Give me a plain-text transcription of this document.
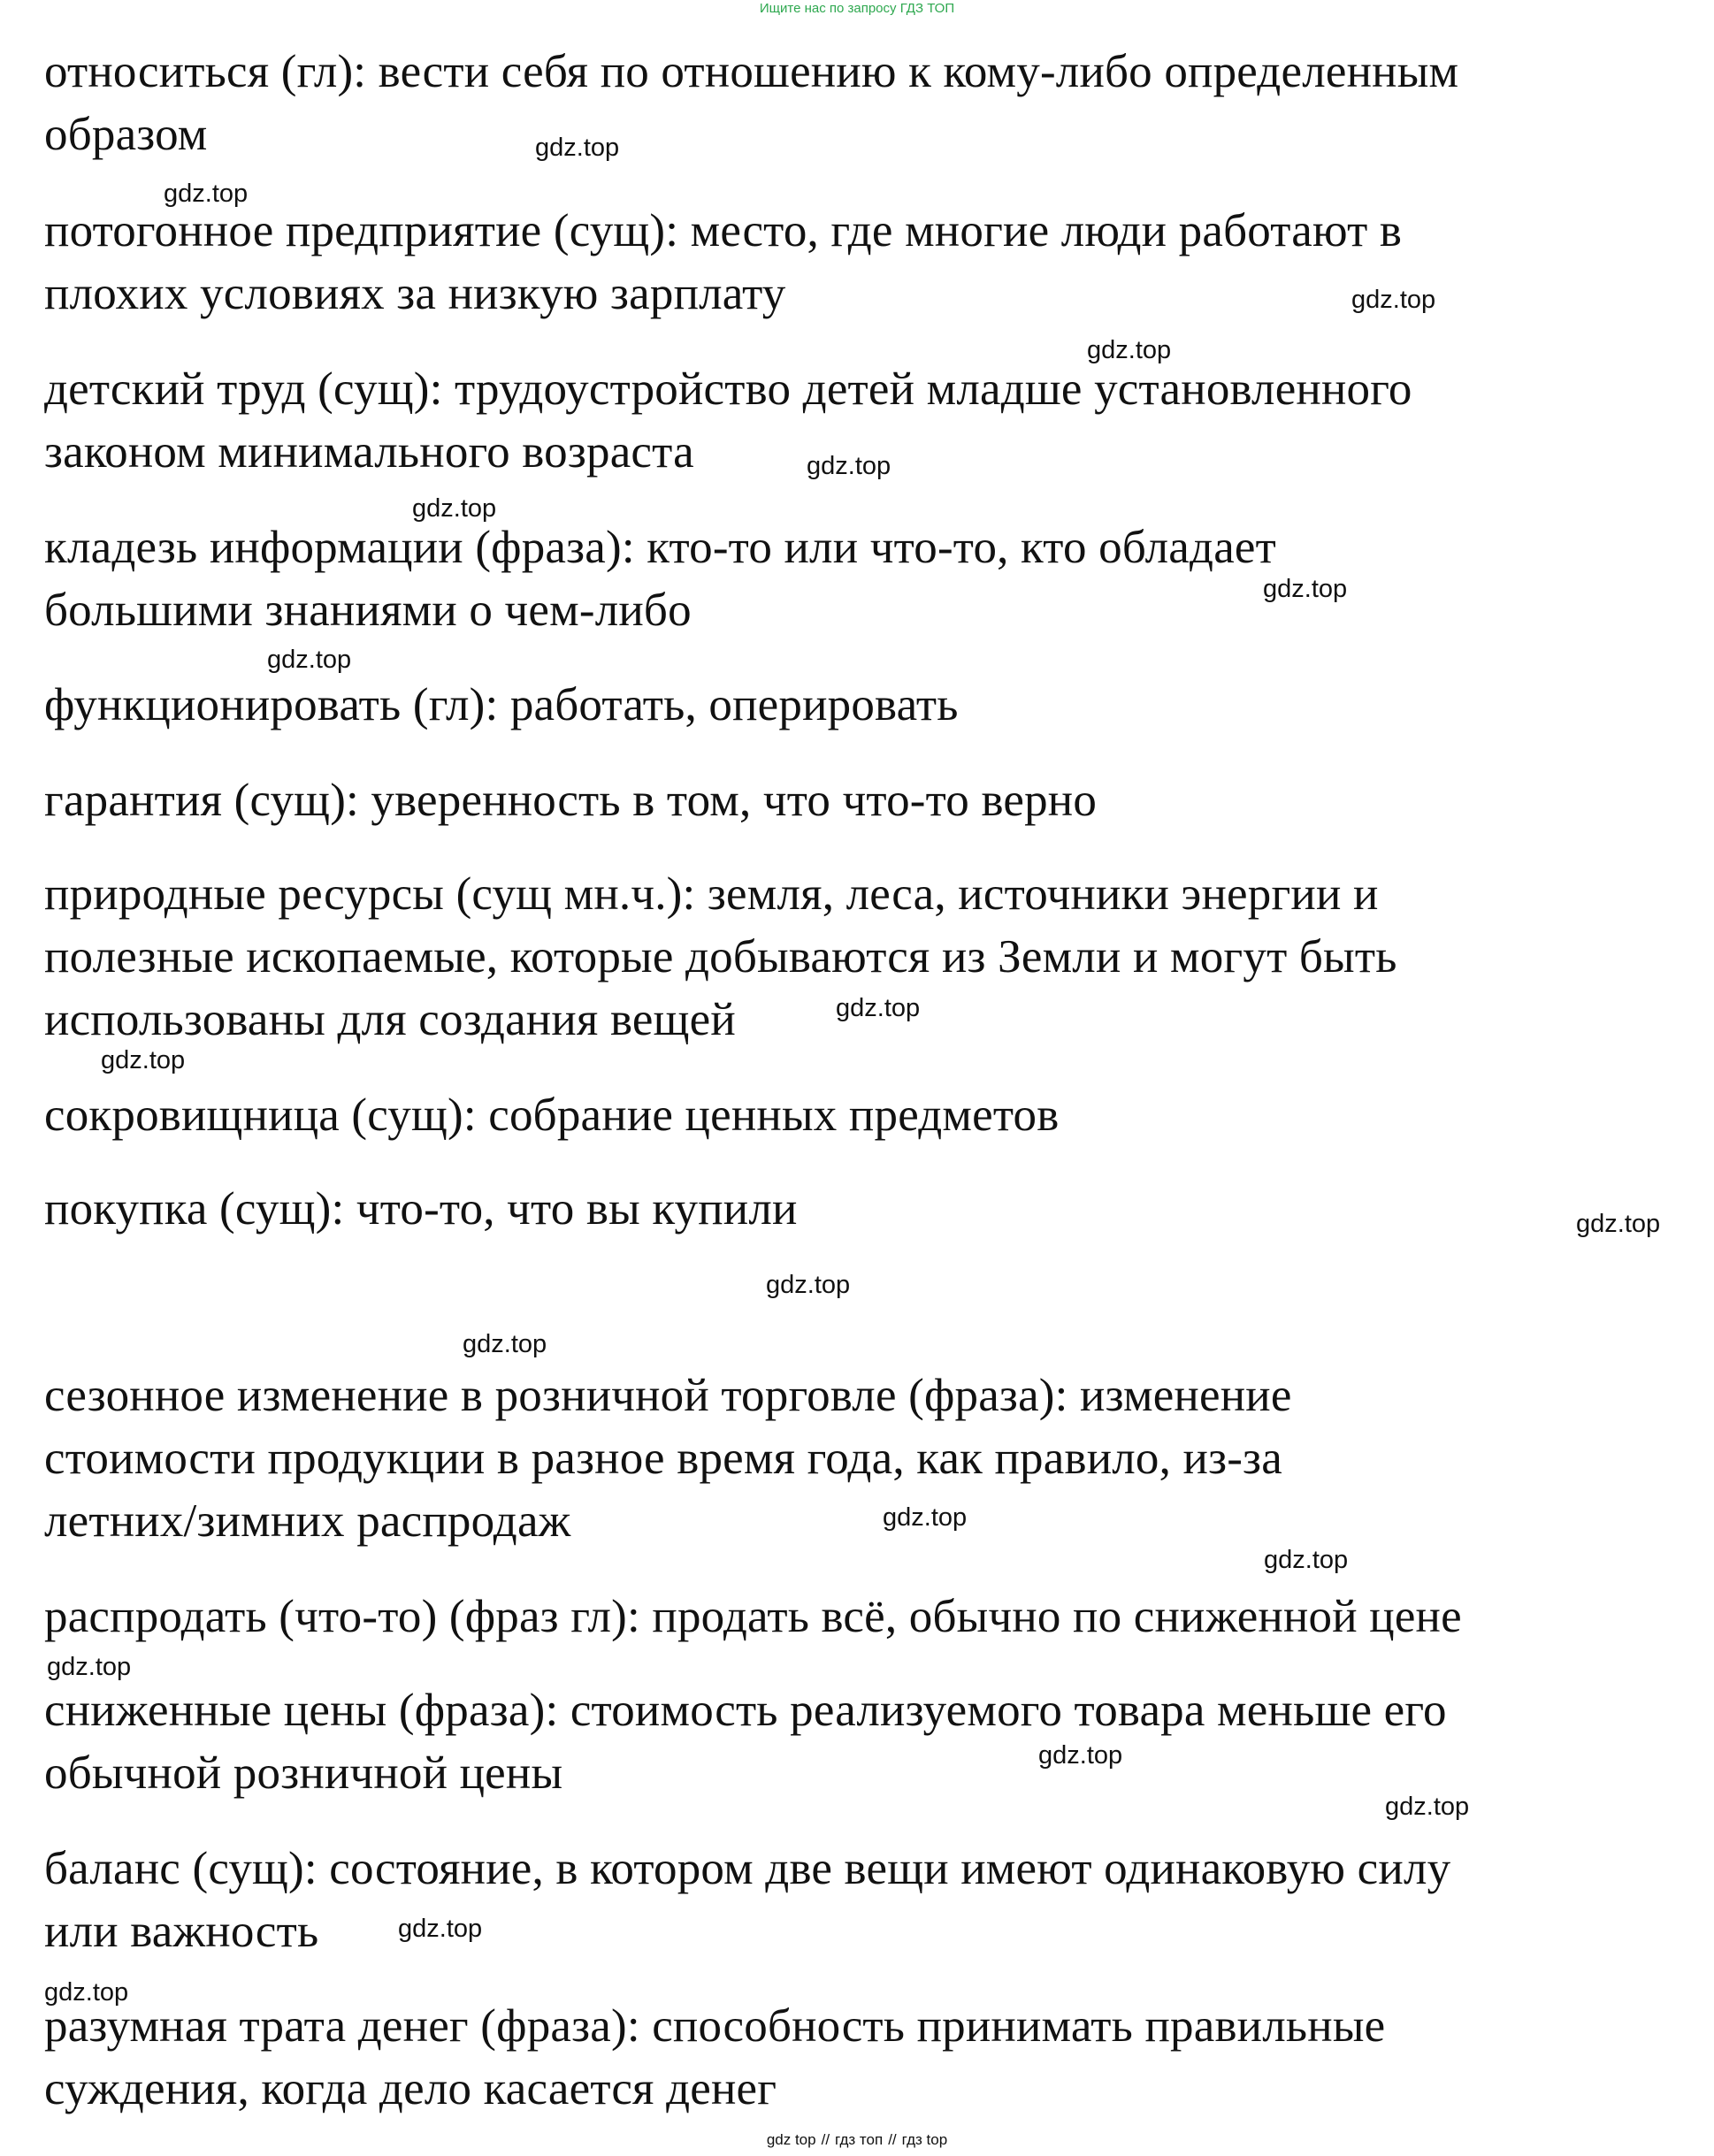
Ищите нас по запросу ГДЗ ТОП

относиться (гл): вести себя по отношению к кому-либо определенным
образом

потогонное предприятие (сущ): место, где многие люди работают в
плохих условиях за низкую зарплату

детский труд (сущ): трудоустройство детей младше установленного
законом минимального возраста

кладезь информации (фраза): кто-то или что-то, кто обладает
большими знаниями о чем-либо

функционировать (гл): работать, оперировать

гарантия (сущ): уверенность в том, что что-то верно

природные ресурсы (сущ мн.ч.): земля, леса, источники энергии и
полезные ископаемые, которые добываются из Земли и могут быть
использованы для создания вещей

сокровищница (сущ): собрание ценных предметов

покупка (сущ): что-то, что вы купили

сезонное изменение в розничной торговле (фраза): изменение
стоимости продукции в разное время года, как правило, из-за
летних/зимних распродаж

распродать (что-то) (фраз гл): продать всё, обычно по сниженной цене

сниженные цены (фраза): стоимость реализуемого товара меньше его
обычной розничной цены

баланс (сущ): состояние, в котором две вещи имеют одинаковую силу
или важность

разумная трата денег (фраза): способность принимать правильные
суждения, когда дело касается денег

gdz.top
gdz.top
gdz.top
gdz.top
gdz.top
gdz.top
gdz.top
gdz.top
gdz.top
gdz.top
gdz.top
gdz.top
gdz.top
gdz.top
gdz.top
gdz.top
gdz.top
gdz.top
gdz.top
gdz.top
gdz top // гдз топ // гдз top
